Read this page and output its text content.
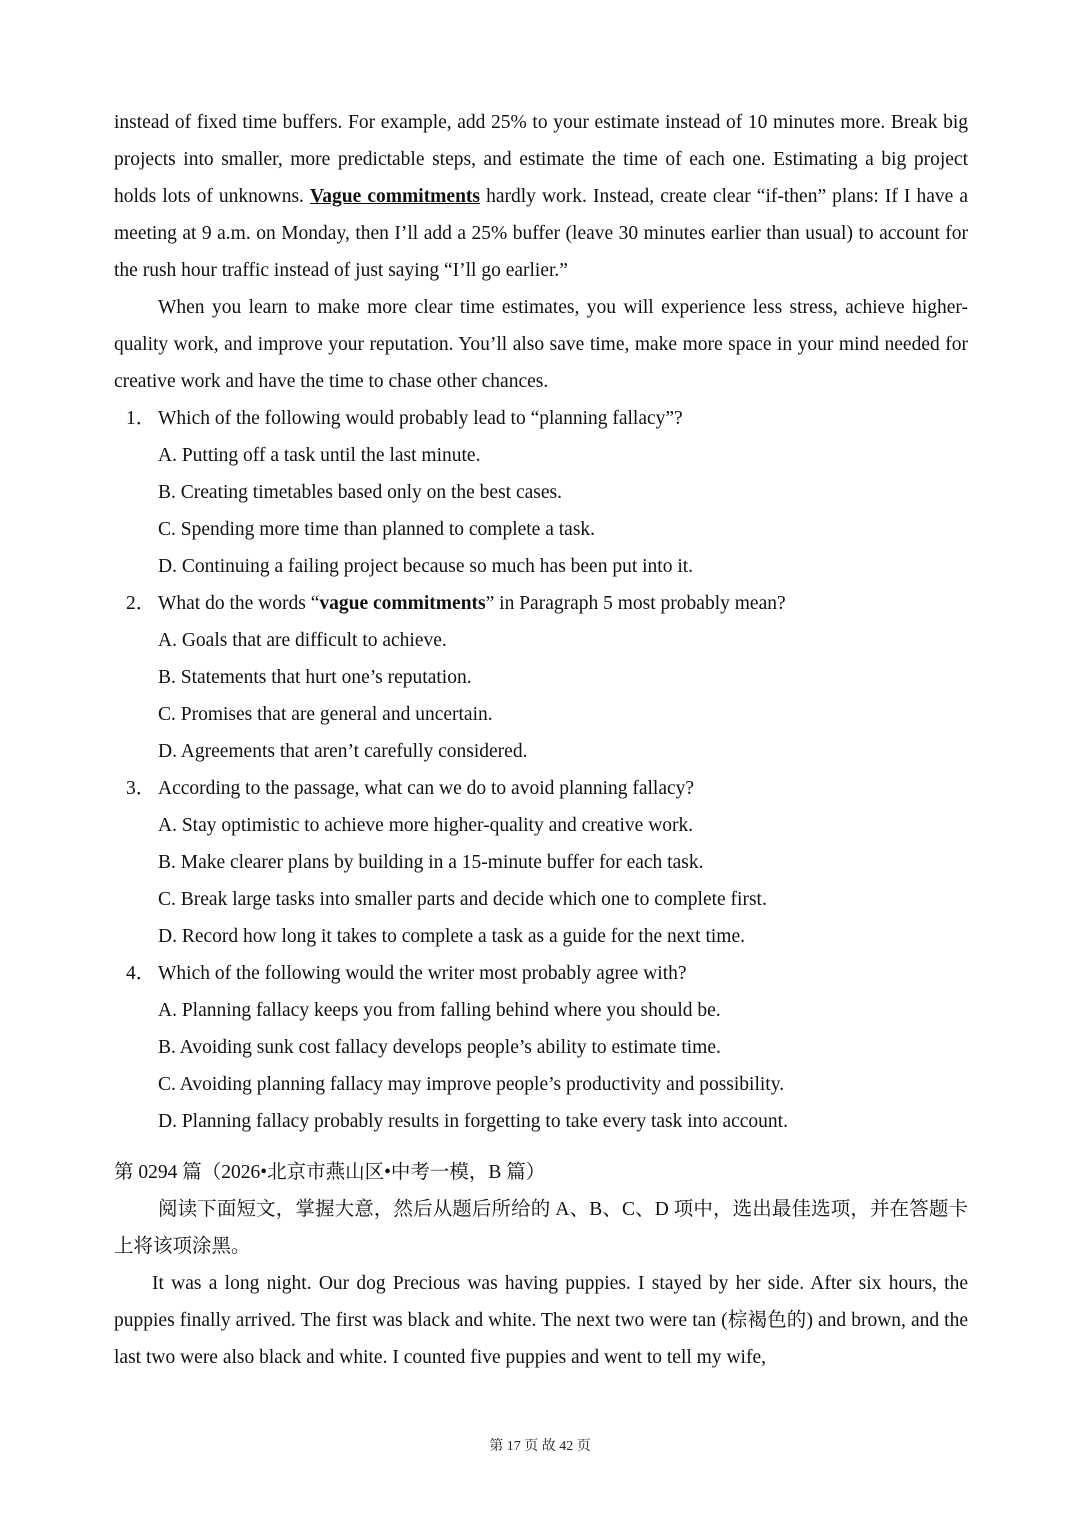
instead of fixed time buffers. For example, add 25% to your estimate instead of 10 minutes more. Break big projects into smaller, more predictable steps, and estimate the time of each one. Estimating a big project holds lots of unknowns. Vague commitments hardly work. Instead, create clear “if-then” plans: If I have a meeting at 9 a.m. on Monday, then I’ll add a 25% buffer (leave 30 minutes earlier than usual) to account for the rush hour traffic instead of just saying “I’ll go earlier.”

When you learn to make more clear time estimates, you will experience less stress, achieve higher-quality work, and improve your reputation. You’ll also save time, make more space in your mind needed for creative work and have the time to chase other chances.

1． Which of the following would probably lead to “planning fallacy”?

A. Putting off a task until the last minute.

B. Creating timetables based only on the best cases.

C. Spending more time than planned to complete a task.

D. Continuing a failing project because so much has been put into it.

2． What do the words “vague commitments” in Paragraph 5 most probably mean?

A. Goals that are difficult to achieve.

B. Statements that hurt one’s reputation.

C. Promises that are general and uncertain.

D. Agreements that aren’t carefully considered.

3． According to the passage, what can we do to avoid planning fallacy?

A. Stay optimistic to achieve more higher-quality and creative work.

B. Make clearer plans by building in a 15-minute buffer for each task.

C. Break large tasks into smaller parts and decide which one to complete first.

D. Record how long it takes to complete a task as a guide for the next time.

4． Which of the following would the writer most probably agree with?

A. Planning fallacy keeps you from falling behind where you should be.

B. Avoiding sunk cost fallacy develops people’s ability to estimate time.

C. Avoiding planning fallacy may improve people’s productivity and possibility.

D. Planning fallacy probably results in forgetting to take every task into account.

第 0294 篇（2026•北京市燕山区•中考一模，B 篇）

阅读下面短文，掌握大意，然后从题后所给的 A、B、C、D 项中，选出最佳选项，并在答题卡上将该项涂黑。

It was a long night. Our dog Precious was having puppies. I stayed by her side. After six hours, the puppies finally arrived. The first was black and white. The next two were tan (棕褐色的) and brown, and the last two were also black and white. I counted five puppies and went to tell my wife,

第 17 页 故 42 页
